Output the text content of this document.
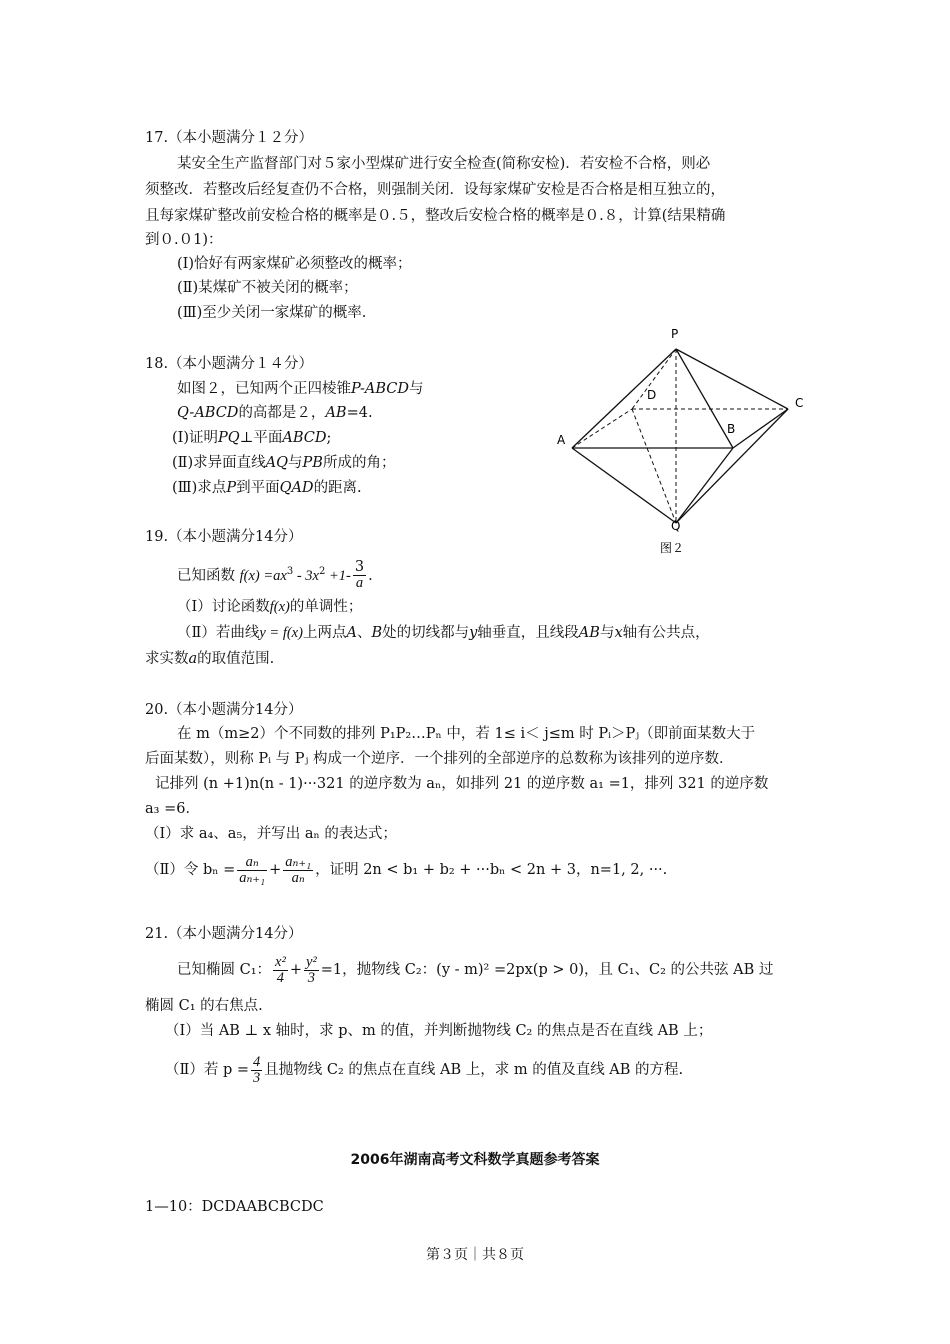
17.（本小题满分１２分）
某安全生产监督部门对５家小型煤矿进行安全检查(简称安检)．若安检不合格，则必
须整改．若整改后经复查仍不合格，则强制关闭．设每家煤矿安检是否合格是相互独立的，
且每家煤矿整改前安检合格的概率是０.５，整改后安检合格的概率是０.８，计算(结果精确
到０.０1)：
(Ⅰ)恰好有两家煤矿必须整改的概率；
(Ⅱ)某煤矿不被关闭的概率；
(Ⅲ)至少关闭一家煤矿的概率.
18.（本小题满分１４分）
如图２，已知两个正四棱锥P-ABCD与
Q-ABCD的高都是２，AB=4.
(Ⅰ)证明PQ⊥平面ABCD;
(Ⅱ)求异面直线AQ与PB所成的角；
(Ⅲ)求点P到平面QAD的距离.
P
D
C
A
B
Q
图２
19.（本小题满分14分）
已知函数 $f(x) =ax^3 - 3x^2 +1- \frac{3}{a}$ .
（Ⅰ）讨论函数f(x)的单调性；
（Ⅱ）若曲线y = f(x)上两点A、B处的切线都与y轴垂直，且线段AB与x轴有公共点，
求实数a的取值范围.
20.（本小题满分14分）
在 m（m≥2）个不同数的排列 P₁P₂…Pₙ 中，若 1≤ i＜ j≤m 时 Pᵢ＞Pⱼ（即前面某数大于
后面某数），则称 Pᵢ 与 Pⱼ 构成一个逆序．一个排列的全部逆序的总数称为该排列的逆序数．
记排列 (n +1)n(n - 1)···321 的逆序数为 aₙ，如排列 21 的逆序数 a₁ =1，排列 321 的逆序数
a₃ =6．
（Ⅰ）求 a₄、a₅，并写出 aₙ 的表达式；
（Ⅱ）令 $b_n = \frac{\text{aₙ}}{\text{aₙ₊₁}} + \frac{\text{aₙ₊₁}}{\text{aₙ}}$ ，证明 2n < b₁ + b₂ + ···bₙ < 2n + 3，n=1, 2, ···.
21.（本小题满分14分）
已知椭圆 C₁： $\frac{\text{x²}}{4} + \frac{\text{y²}}{3} =1$，抛物线 C₂：(y - m)² =2px(p > 0)，且 C₁、C₂ 的公共弦 AB 过
椭圆 C₁ 的右焦点.
（Ⅰ）当 AB ⊥ x 轴时，求 p、m 的值，并判断抛物线 C₂ 的焦点是否在直线 AB 上；
（Ⅱ）若 $p = \frac{4}{3}$ 且抛物线 C₂ 的焦点在直线 AB 上，求 m 的值及直线 AB 的方程.
2006年湖南高考文科数学真题参考答案
1—10：DCDAABCBCDC
第３页｜共８页
